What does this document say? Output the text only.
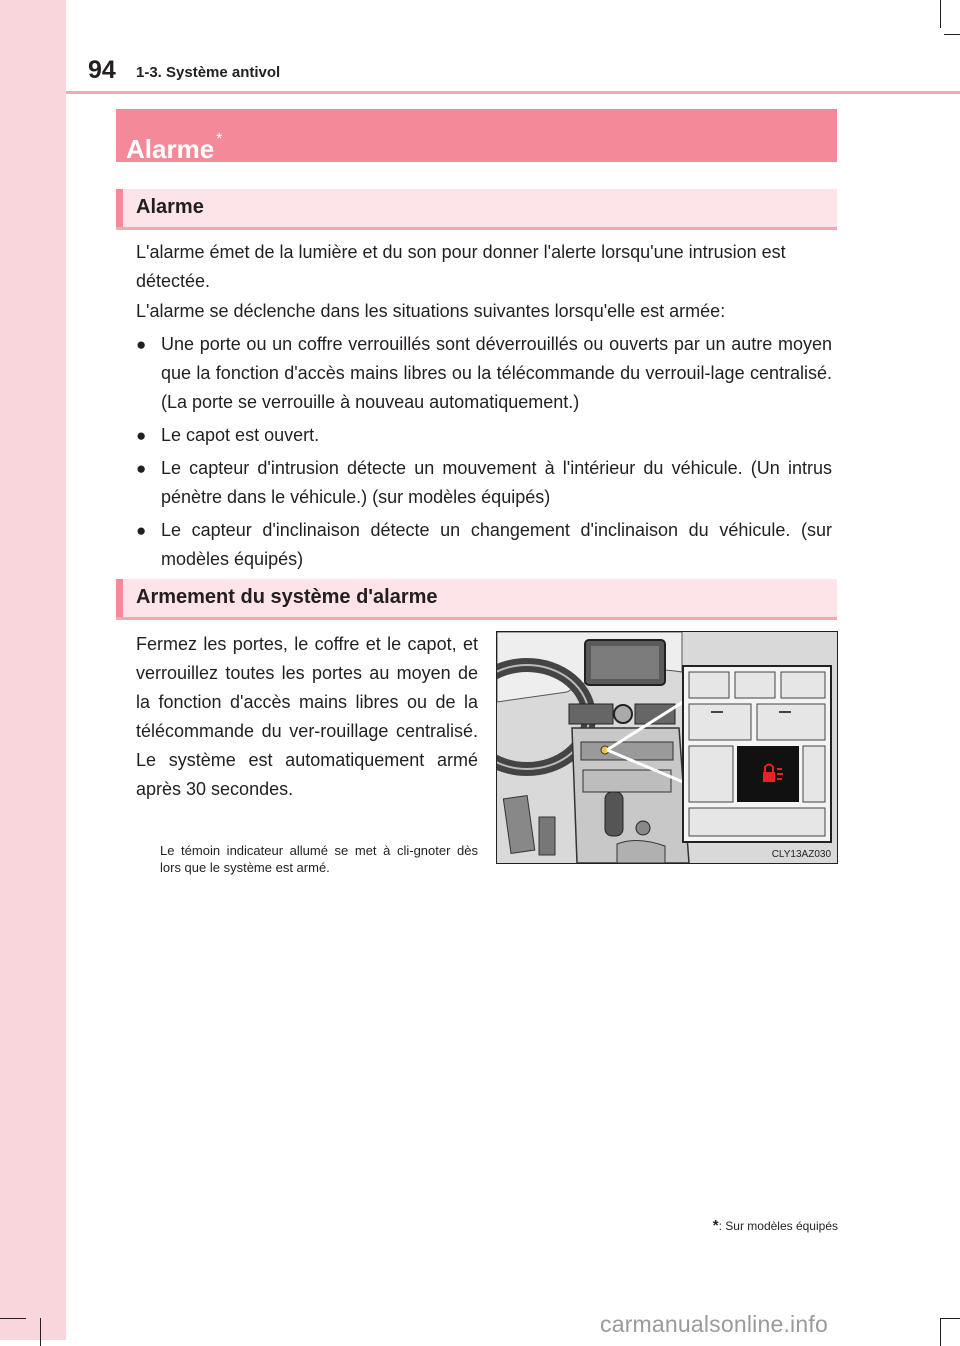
94 1-3. Système antivol
Alarme *
Alarme

L'alarme émet de la lumière et du son pour donner l'alerte lorsqu'une intrusion est détectée.

L'alarme se déclenche dans les situations suivantes lorsqu'elle est armée:

● Une porte ou un coffre verrouillés sont déverrouillés ou ouverts par un autre moyen que la fonction d'accès mains libres ou la télécommande du verrouil-lage centralisé. (La porte se verrouille à nouveau automatiquement.)
● Le capot est ouvert.
● Le capteur d'intrusion détecte un mouvement à l'intérieur du véhicule. (Un intrus pénètre dans le véhicule.) (sur modèles équipés)
● Le capteur d'inclinaison détecte un changement d'inclinaison du véhicule. (sur modèles équipés)
Armement du système d'alarme
Fermez les portes, le coffre et le capot, et verrouillez toutes les portes au moyen de la fonction d'accès mains libres ou de la télécommande du ver-rouillage centralisé. Le système est automatiquement armé après 30 secondes.
Le témoin indicateur allumé se met à cli-gnoter dès lors que le système est armé.
CLY13AZ030
*: Sur modèles équipés
carmanualsonline.info
